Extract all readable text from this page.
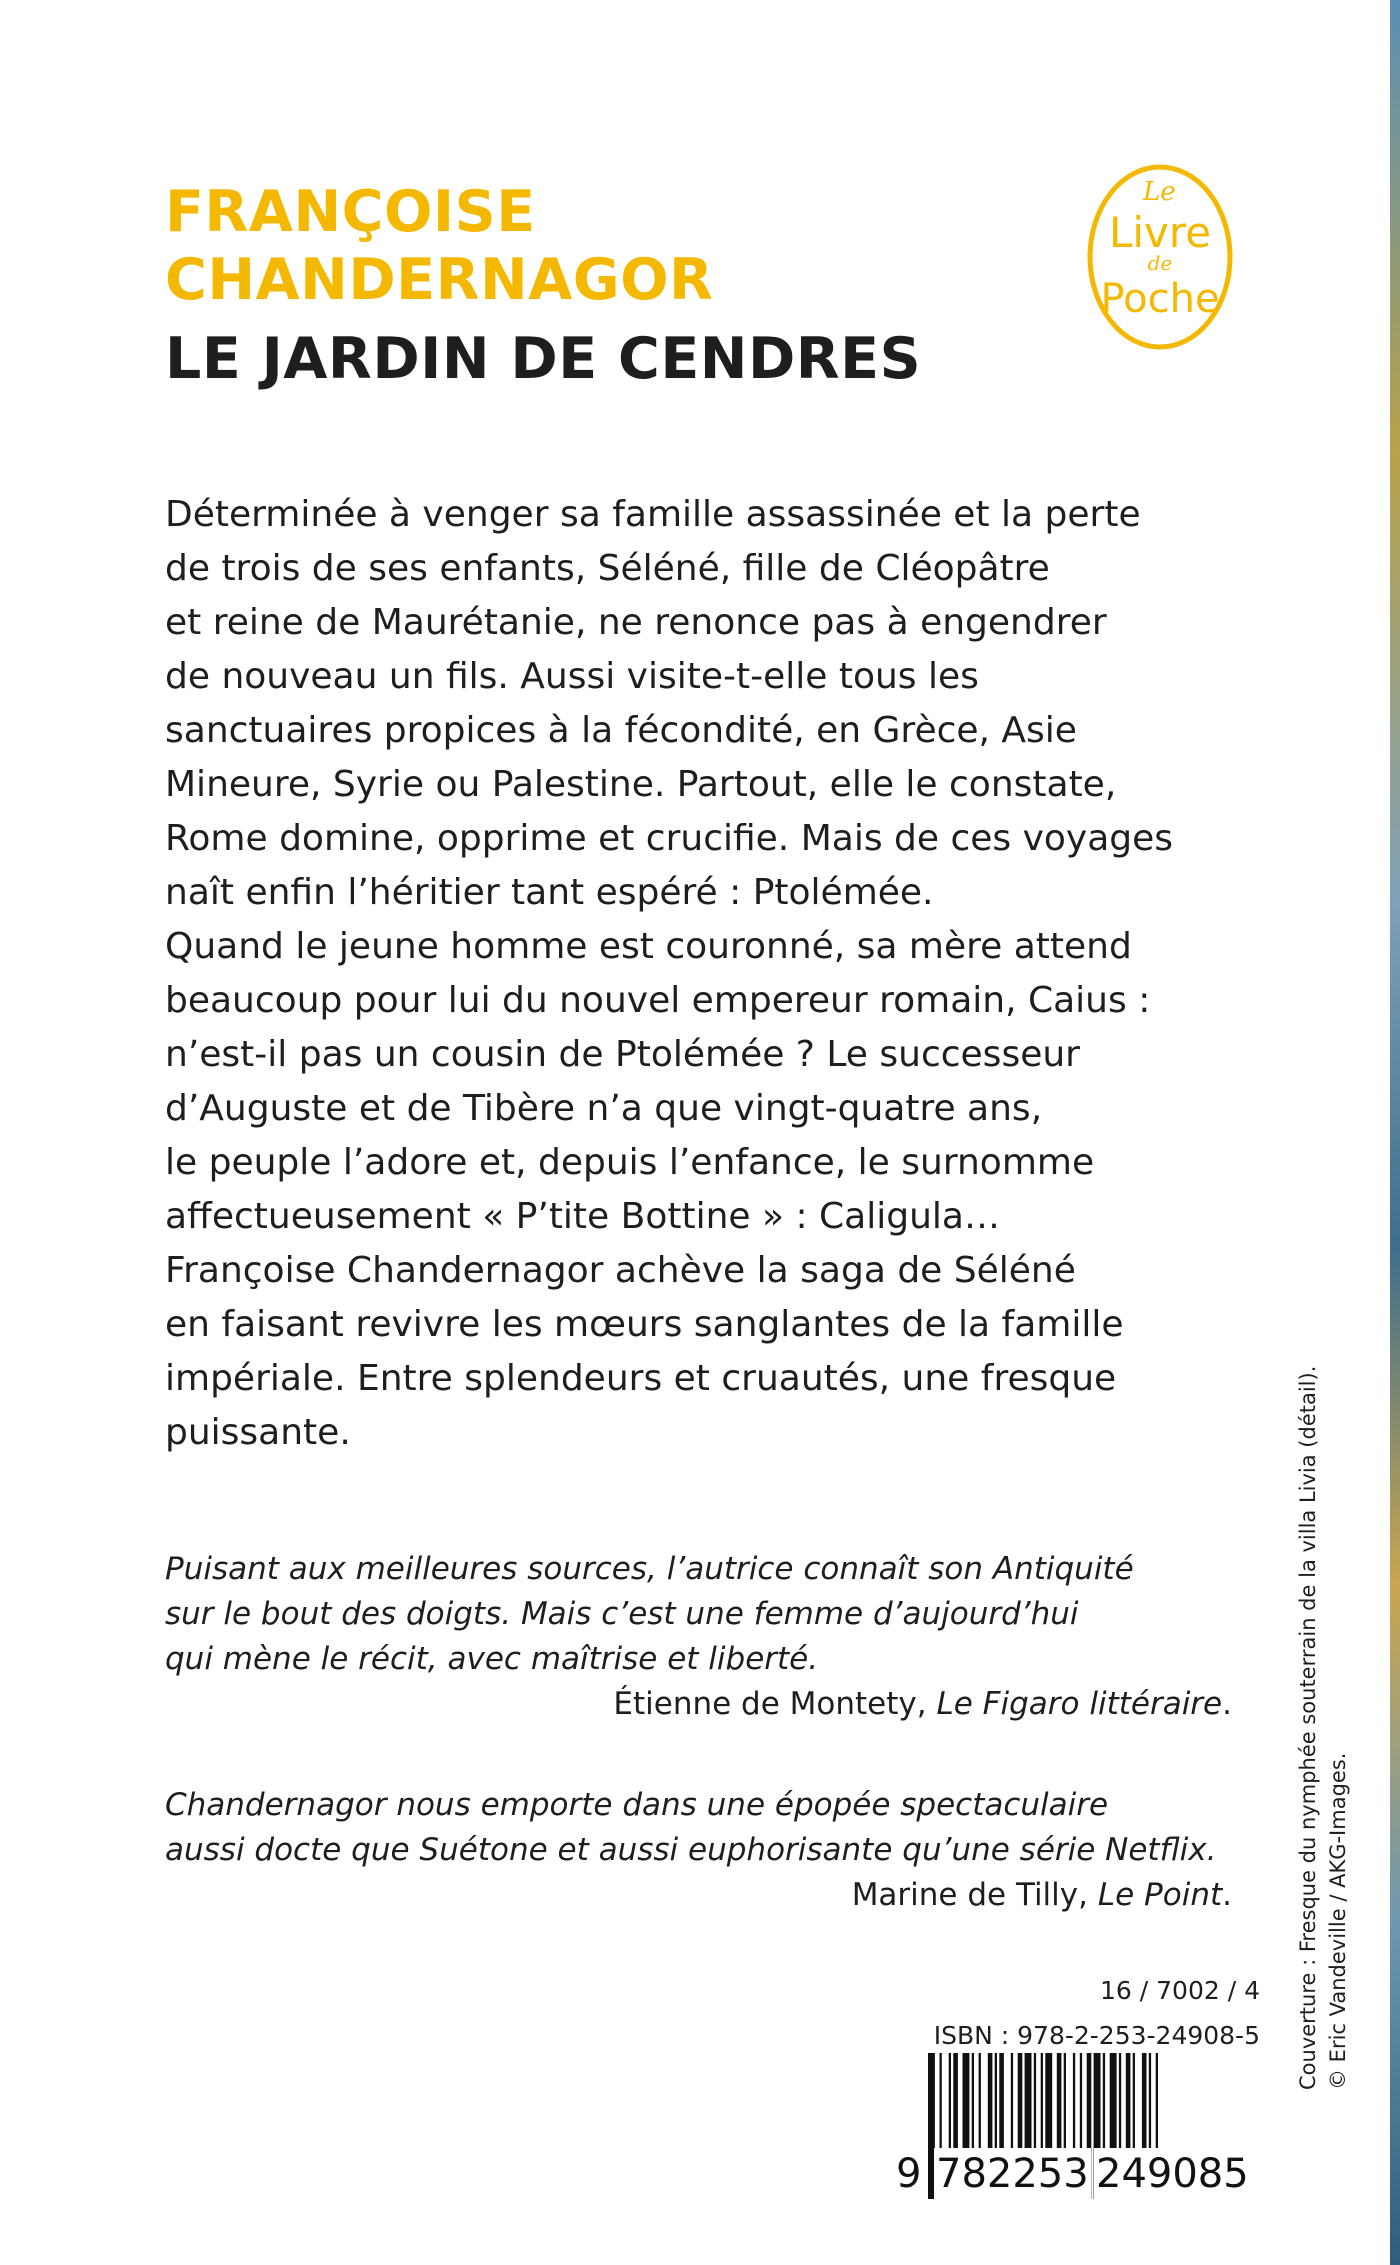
FRANÇOISE
CHANDERNAGOR
LE JARDIN DE CENDRES
Le
Livre
de
Poche
Déterminée à venger sa famille assassinée et la perte
de trois de ses enfants, Séléné, fille de Cléopâtre
et reine de Maurétanie, ne renonce pas à engendrer
de nouveau un fils. Aussi visite-t-elle tous les
sanctuaires propices à la fécondité, en Grèce, Asie
Mineure, Syrie ou Palestine. Partout, elle le constate,
Rome domine, opprime et crucifie. Mais de ces voyages
naît enfin l’héritier tant espéré : Ptolémée.
Quand le jeune homme est couronné, sa mère attend
beaucoup pour lui du nouvel empereur romain, Caius :
n’est-il pas un cousin de Ptolémée ? Le successeur
d’Auguste et de Tibère n’a que vingt-quatre ans,
le peuple l’adore et, depuis l’enfance, le surnomme
affectueusement « P’tite Bottine » : Caligula…
Françoise Chandernagor achève la saga de Séléné
en faisant revivre les mœurs sanglantes de la famille
impériale. Entre splendeurs et cruautés, une fresque
puissante.
Puisant aux meilleures sources, l’autrice connaît son Antiquité
sur le bout des doigts. Mais c’est une femme d’aujourd’hui
qui mène le récit, avec maîtrise et liberté.
Étienne de Montety, Le Figaro littéraire.
Chandernagor nous emporte dans une épopée spectaculaire
aussi docte que Suétone et aussi euphorisante qu’une série Netflix.
Marine de Tilly, Le Point.
16 / 7002 / 4
ISBN : 978-2-253-24908-5
9 782253 249085
Couverture : Fresque du nymphée souterrain de la villa Livia (détail). © Eric Vandeville / AKG-Images.
